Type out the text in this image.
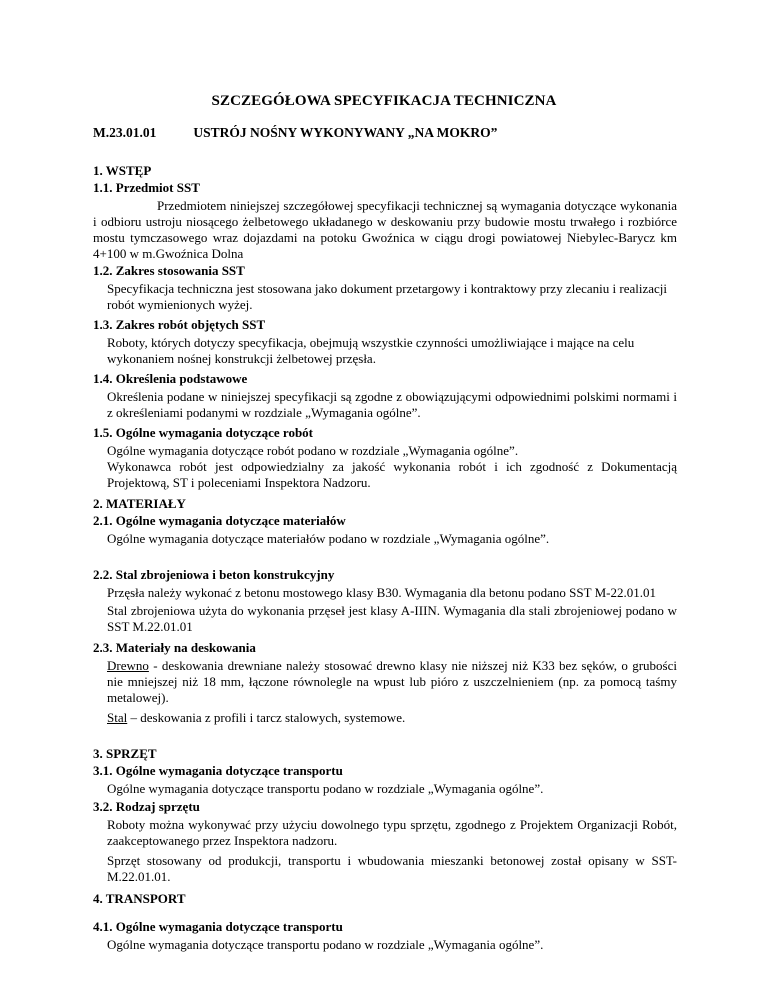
SZCZEGÓŁOWA SPECYFIKACJA TECHNICZNA
M.23.01.01	USTRÓJ NOŚNY WYKONYWANY „NA MOKRO”
1. WSTĘP
1.1. Przedmiot SST
Przedmiotem niniejszej szczegółowej specyfikacji technicznej są wymagania dotyczące wykonania i odbioru ustroju niosącego żelbetowego układanego w deskowaniu przy budowie mostu trwałego i rozbiórce mostu tymczasowego wraz dojazdami na potoku Gwoźnica w ciągu drogi powiatowej Niebylec-Barycz km 4+100 w m.Gwoźnica Dolna
1.2. Zakres stosowania SST
Specyfikacja techniczna jest stosowana jako dokument przetargowy i kontraktowy przy zlecaniu i realizacji robót wymienionych wyżej.
1.3. Zakres robót objętych SST
Roboty, których dotyczy specyfikacja, obejmują wszystkie czynności umożliwiające i mające na celu wykonaniem nośnej konstrukcji żelbetowej przęsła.
1.4. Określenia podstawowe
Określenia podane w niniejszej specyfikacji są zgodne z obowiązującymi odpowiednimi polskimi normami i z określeniami podanymi w rozdziale „Wymagania ogólne”.
1.5. Ogólne wymagania dotyczące robót
Ogólne wymagania dotyczące robót podano w rozdziale „Wymagania ogólne”.
Wykonawca robót jest odpowiedzialny za jakość wykonania robót i ich zgodność z Dokumentacją Projektową, ST i poleceniami Inspektora Nadzoru.
2. MATERIAŁY
2.1. Ogólne wymagania dotyczące materiałów
Ogólne wymagania dotyczące materiałów podano w rozdziale „Wymagania ogólne”.
2.2. Stal zbrojeniowa i beton konstrukcyjny
Przęsła należy wykonać z betonu mostowego klasy B30. Wymagania dla betonu podano SST M-22.01.01
Stal zbrojeniowa użyta do wykonania przęseł jest klasy A-IIIN. Wymagania dla stali zbrojeniowej podano w SST M.22.01.01
2.3. Materiały na deskowania
Drewno - deskowania drewniane należy stosować drewno klasy nie niższej niż K33 bez sęków, o grubości nie mniejszej niż 18 mm, łączone równolegle na wpust lub pióro z uszczelnieniem (np. za pomocą taśmy metalowej).
Stal – deskowania z profili i tarcz stalowych, systemowe.
3. SPRZĘT
3.1. Ogólne wymagania dotyczące transportu
Ogólne wymagania dotyczące transportu podano w rozdziale „Wymagania ogólne”.
3.2. Rodzaj sprzętu
Roboty można wykonywać przy użyciu dowolnego typu sprzętu, zgodnego z Projektem Organizacji Robót, zaakceptowanego przez Inspektora nadzoru.
Sprzęt stosowany od produkcji, transportu i wbudowania mieszanki betonowej został opisany w SST-M.22.01.01.
4. TRANSPORT
4.1. Ogólne wymagania dotyczące transportu
Ogólne wymagania dotyczące transportu podano w rozdziale „Wymagania ogólne”.
